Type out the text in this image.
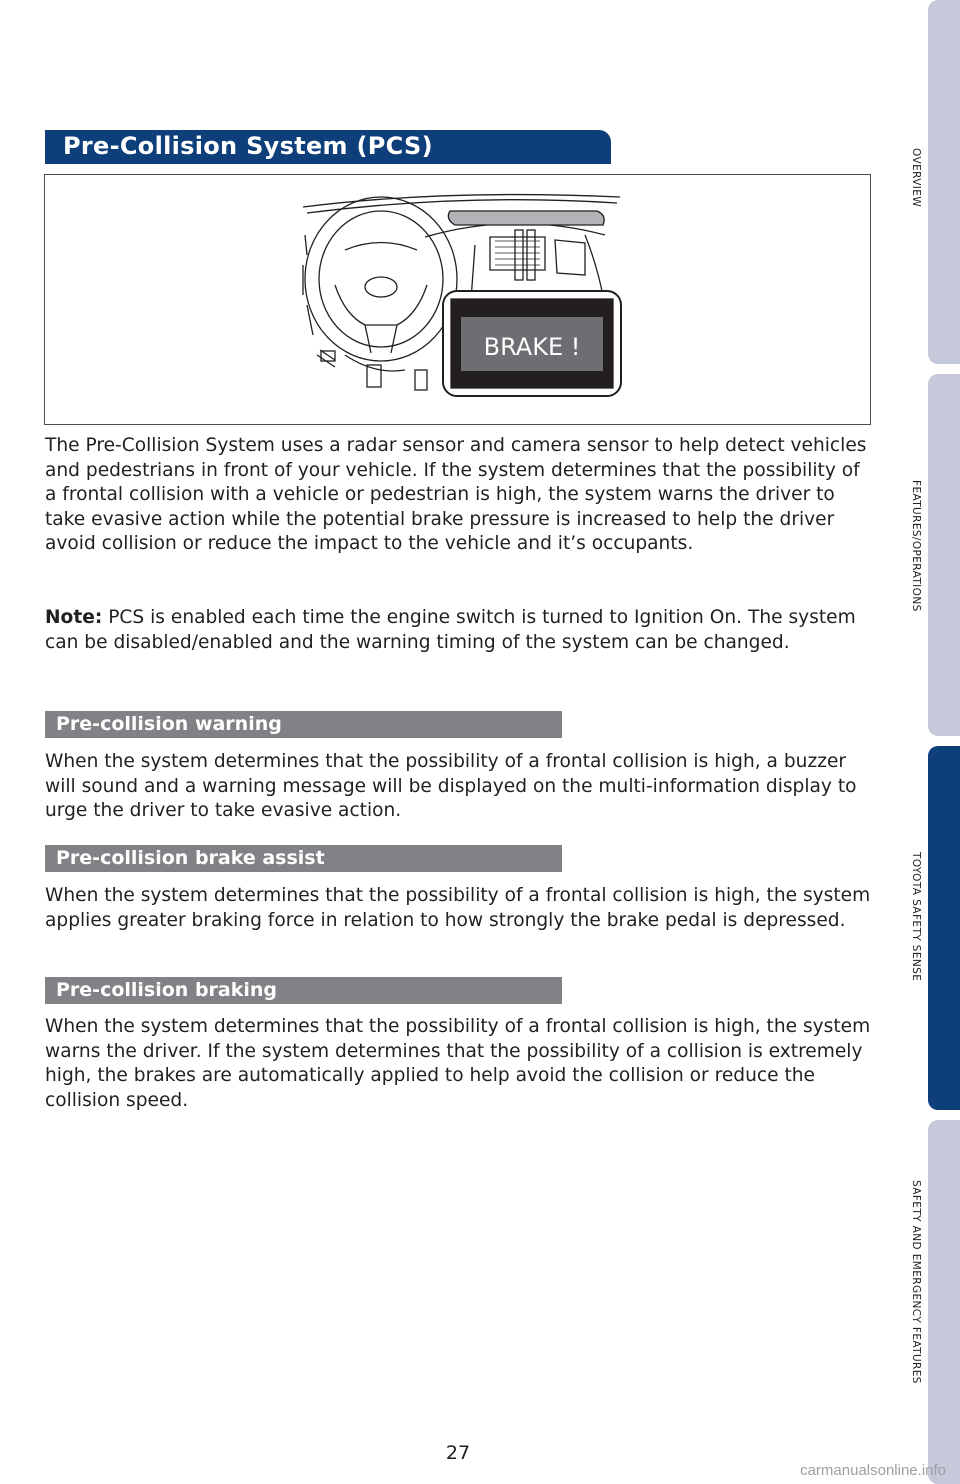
Pre-Collision System (PCS)
BRAKE !

The Pre-Collision System uses a radar sensor and camera sensor to help detect vehicles and pedestrians in front of your vehicle. If the system determines that the possibility of a frontal collision with a vehicle or pedestrian is high, the system warns the driver to take evasive action while the potential brake pressure is increased to help the driver avoid collision or reduce the impact to the vehicle and it’s occupants.

Note: PCS is enabled each time the engine switch is turned to Ignition On. The system can be disabled/enabled and the warning timing of the system can be changed.

Pre-collision warning

When the system determines that the possibility of a frontal collision is high, a buzzer will sound and a warning message will be displayed on the multi-information display to urge the driver to take evasive action.

Pre-collision brake assist

When the system determines that the possibility of a frontal collision is high, the system applies greater braking force in relation to how strongly the brake pedal is depressed.

Pre-collision braking

When the system determines that the possibility of a frontal collision is high, the system warns the driver. If the system determines that the possibility of a collision is extremely high, the brakes are automatically applied to help avoid the collision or reduce the collision speed.

OVERVIEW
FEATURES/OPERATIONS
TOYOTA SAFETY SENSE
SAFETY AND EMERGENCY FEATURES
27
carmanualsonline.info
